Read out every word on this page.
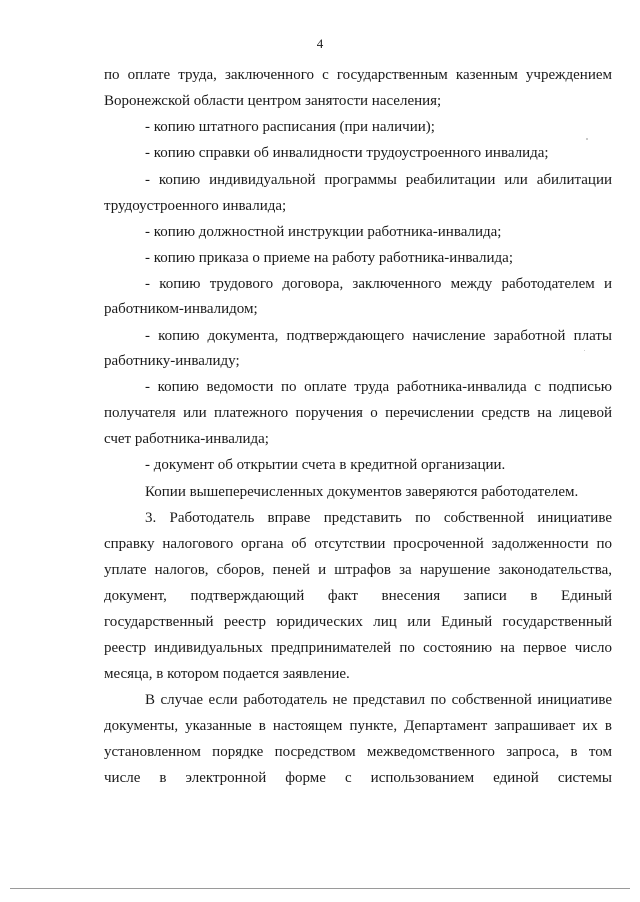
4

по оплате труда, заключенного с государственным казенным учреждением

Воронежской области центром занятости населения;

- копию штатного расписания (при наличии);

- копию справки об инвалидности трудоустроенного инвалида;

- копию индивидуальной программы реабилитации или абилитации

трудоустроенного инвалида;

- копию должностной инструкции работника-инвалида;

- копию приказа о приеме на работу работника-инвалида;

- копию трудового договора, заключенного между работодателем и

работником-инвалидом;

- копию документа, подтверждающего начисление заработной платы

работнику-инвалиду;

- копию ведомости по оплате труда работника-инвалида с подписью

получателя или платежного поручения о перечислении средств на лицевой

счет работника-инвалида;

- документ об открытии счета в кредитной организации.

Копии вышеперечисленных документов заверяются работодателем.

3. Работодатель вправе представить по собственной инициативе

справку налогового органа об отсутствии просроченной задолженности по

уплате налогов, сборов, пеней и штрафов за нарушение законодательства,

документ, подтверждающий факт внесения записи в Единый

государственный реестр юридических лиц или Единый государственный

реестр индивидуальных предпринимателей по состоянию на первое число

месяца, в котором подается заявление.

В случае если работодатель не представил по собственной инициативе

документы, указанные в настоящем пункте, Департамент запрашивает их в

установленном порядке посредством межведомственного запроса, в том

числе в электронной форме с использованием единой системы
